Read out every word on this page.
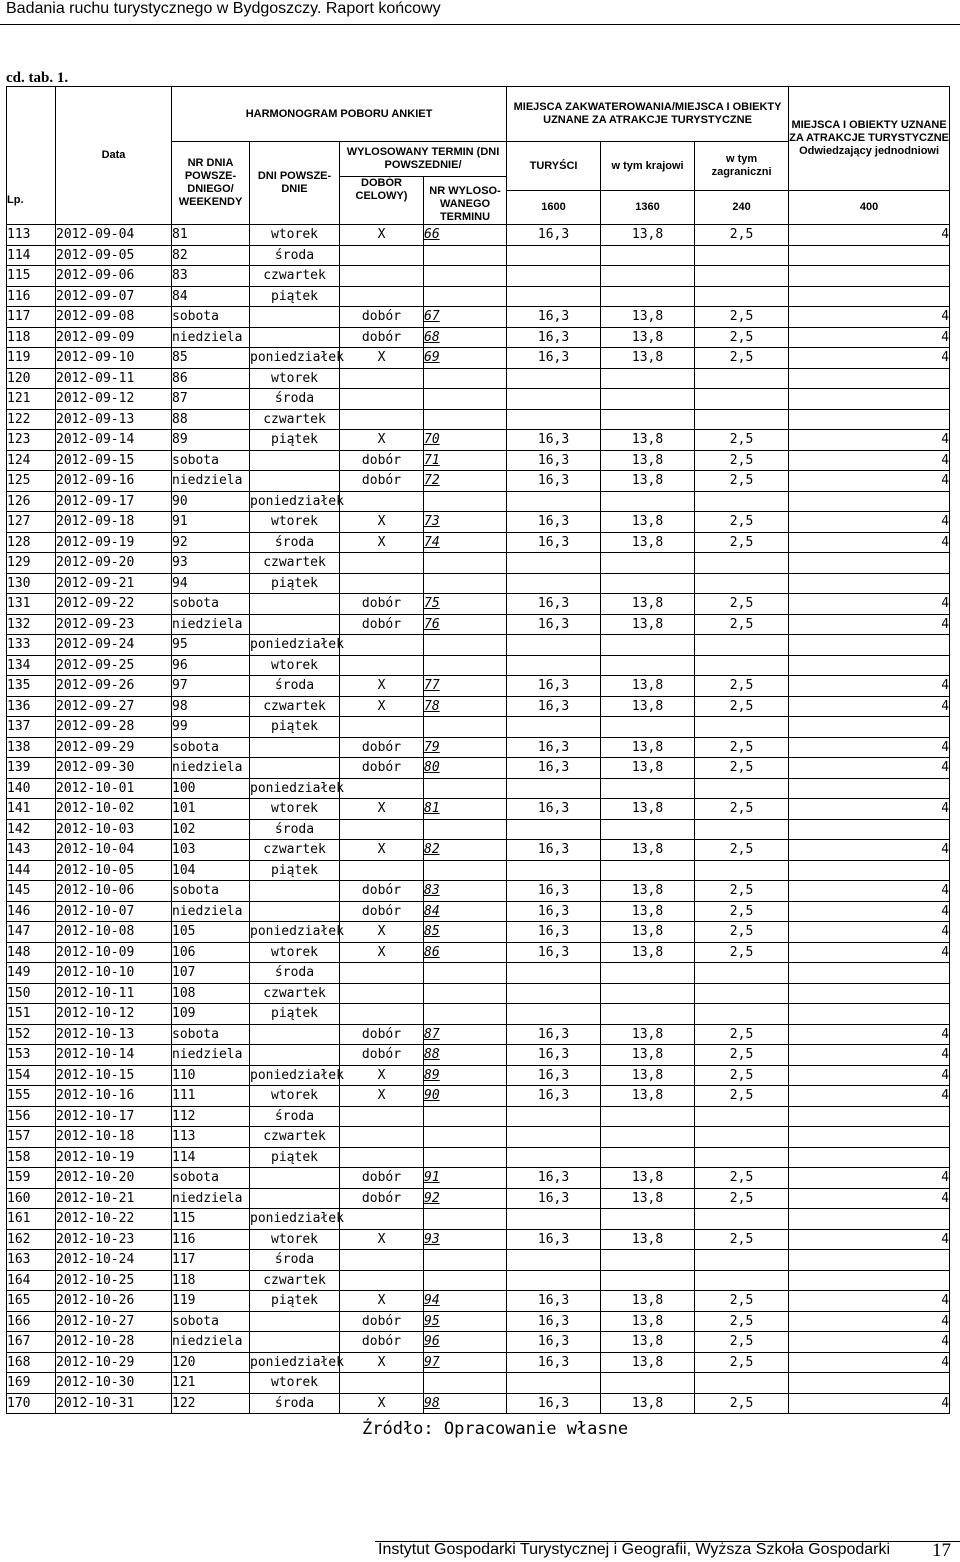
Badania ruchu turystycznego w Bydgoszczy. Raport końcowy
cd. tab. 1.
Lp.	Data	HARMONOGRAM POBORU ANKIET				MIEJSCA ZAKWATEROWANIA/MIEJSCA I OBIEKTY UZNANE ZA ATRAKCJE TURYSTYCZNE			MIEJSCA I OBIEKTY UZNANE ZA ATRAKCJE TURYSTYCZNE Odwiedzający jednodniowi
		NR DNIA POWSZE-DNIEGO/ WEEKENDY	DNI POWSZE-DNIE	WYLOSOWANY TERMIN (DNI POWSZEDNIE/		TURYŚCI	w tym krajowi	w tym zagraniczni	
				DOBÓR CELOWY)	NR WYLOSO-WANEGO TERMINU				
						1600	1360	240	400
113	2012-09-04	81	wtorek	X	66	16,3	13,8	2,5	4
114	2012-09-05	82	środa						
115	2012-09-06	83	czwartek						
116	2012-09-07	84	piątek						
117	2012-09-08	sobota		dobór	67	16,3	13,8	2,5	4
118	2012-09-09	niedziela		dobór	68	16,3	13,8	2,5	4
119	2012-09-10	85	poniedziałek	X	69	16,3	13,8	2,5	4
120	2012-09-11	86	wtorek						
121	2012-09-12	87	środa						
122	2012-09-13	88	czwartek						
123	2012-09-14	89	piątek	X	70	16,3	13,8	2,5	4
124	2012-09-15	sobota		dobór	71	16,3	13,8	2,5	4
125	2012-09-16	niedziela		dobór	72	16,3	13,8	2,5	4
126	2012-09-17	90	poniedziałek						
127	2012-09-18	91	wtorek	X	73	16,3	13,8	2,5	4
128	2012-09-19	92	środa	X	74	16,3	13,8	2,5	4
129	2012-09-20	93	czwartek						
130	2012-09-21	94	piątek						
131	2012-09-22	sobota		dobór	75	16,3	13,8	2,5	4
132	2012-09-23	niedziela		dobór	76	16,3	13,8	2,5	4
133	2012-09-24	95	poniedziałek						
134	2012-09-25	96	wtorek						
135	2012-09-26	97	środa	X	77	16,3	13,8	2,5	4
136	2012-09-27	98	czwartek	X	78	16,3	13,8	2,5	4
137	2012-09-28	99	piątek						
138	2012-09-29	sobota		dobór	79	16,3	13,8	2,5	4
139	2012-09-30	niedziela		dobór	80	16,3	13,8	2,5	4
140	2012-10-01	100	poniedziałek						
141	2012-10-02	101	wtorek	X	81	16,3	13,8	2,5	4
142	2012-10-03	102	środa						
143	2012-10-04	103	czwartek	X	82	16,3	13,8	2,5	4
144	2012-10-05	104	piątek						
145	2012-10-06	sobota		dobór	83	16,3	13,8	2,5	4
146	2012-10-07	niedziela		dobór	84	16,3	13,8	2,5	4
147	2012-10-08	105	poniedziałek	X	85	16,3	13,8	2,5	4
148	2012-10-09	106	wtorek	X	86	16,3	13,8	2,5	4
149	2012-10-10	107	środa						
150	2012-10-11	108	czwartek						
151	2012-10-12	109	piątek						
152	2012-10-13	sobota		dobór	87	16,3	13,8	2,5	4
153	2012-10-14	niedziela		dobór	88	16,3	13,8	2,5	4
154	2012-10-15	110	poniedziałek	X	89	16,3	13,8	2,5	4
155	2012-10-16	111	wtorek	X	90	16,3	13,8	2,5	4
156	2012-10-17	112	środa						
157	2012-10-18	113	czwartek						
158	2012-10-19	114	piątek						
159	2012-10-20	sobota		dobór	91	16,3	13,8	2,5	4
160	2012-10-21	niedziela		dobór	92	16,3	13,8	2,5	4
161	2012-10-22	115	poniedziałek						
162	2012-10-23	116	wtorek	X	93	16,3	13,8	2,5	4
163	2012-10-24	117	środa						
164	2012-10-25	118	czwartek						
165	2012-10-26	119	piątek	X	94	16,3	13,8	2,5	4
166	2012-10-27	sobota		dobór	95	16,3	13,8	2,5	4
167	2012-10-28	niedziela		dobór	96	16,3	13,8	2,5	4
168	2012-10-29	120	poniedziałek	X	97	16,3	13,8	2,5	4
169	2012-10-30	121	wtorek						
170	2012-10-31	122	środa	X	98	16,3	13,8	2,5	4
Źródło: Opracowanie własne
Instytut Gospodarki Turystycznej i Geografii, Wyższa Szkoła Gospodarki 17
